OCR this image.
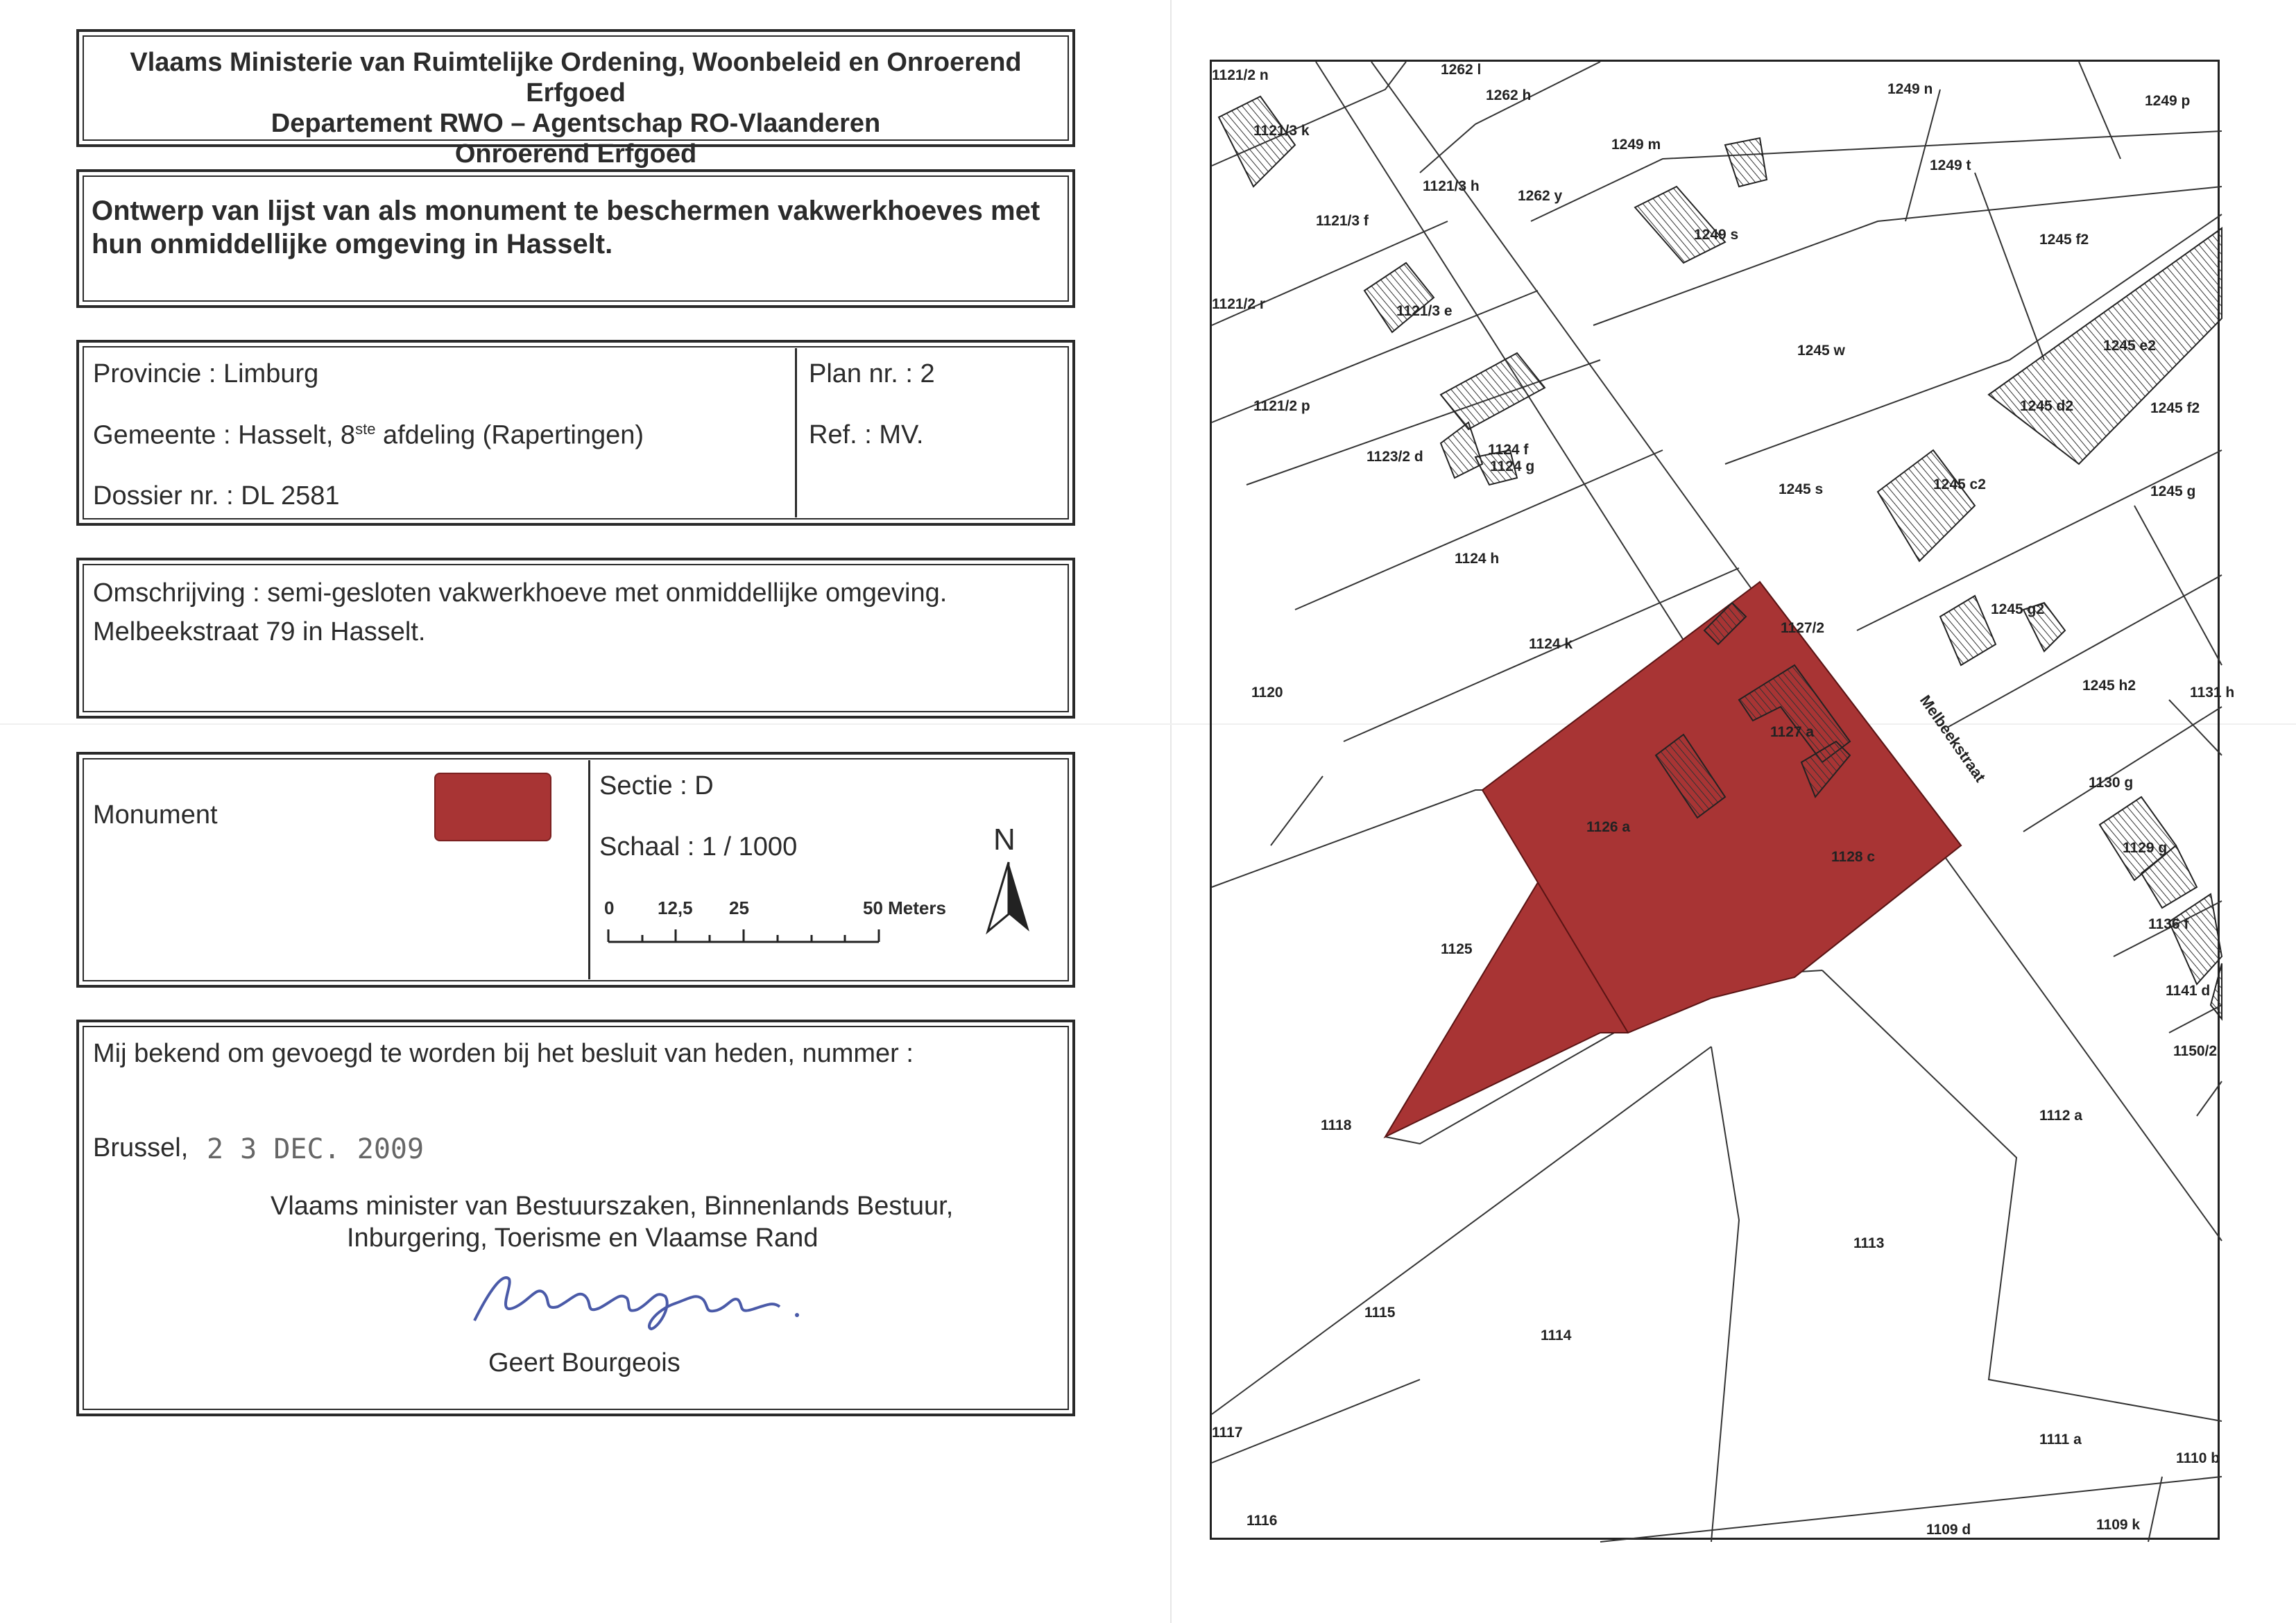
Vlaams Ministerie van Ruimtelijke Ordening, Woonbeleid en Onroerend Erfgoed
Departement RWO – Agentschap RO-Vlaanderen
Onroerend Erfgoed
Ontwerp van lijst van als monument te beschermen vakwerkhoeves met
hun onmiddellijke omgeving in Hasselt.
Provincie : Limburg
Gemeente : Hasselt, 8ste afdeling (Rapertingen)
Dossier nr. : DL 2581
Plan nr. : 2
Ref. : MV.
Omschrijving : semi-gesloten vakwerkhoeve met onmiddellijke omgeving.
Melbeekstraat 79 in Hasselt.
Monument
Sectie : D
Schaal : 1 / 1000
0 12,5 25	50 Meters
N
Mij bekend om gevoegd te worden bij het besluit van heden, nummer :
Brussel, 2 3 DEC. 2009
Vlaams minister van Bestuurszaken, Binnenlands Bestuur,
Inburgering, Toerisme en Vlaamse Rand
Geert Bourgeois
Melbeekstraat
1121/2 n	1262 l
1262 h	1249 n
1249 p
1121/3 k
1249 m
1121/3 h
1262 y
1249 t
1121/3 f
1249 s	1245 f2
1121/2 r	1121/3 e
1245 w	1245 e2
1121/2 p	1245 d2	1245 f2
1123/2 d	1124 f
1124 g
1245 s	1245 c2	1245 g
1124 h
1245 g2
1127/2
1124 k
1120	1245 h2	1131 h
1127 a
1130 g
1126 a
1128 c
1129 g
1125
1136 f
1141 d
1150/2
1118
1112 a
1113
1115
1114
1117	1111 a
1110 b
1116
1109 d	1109 k
